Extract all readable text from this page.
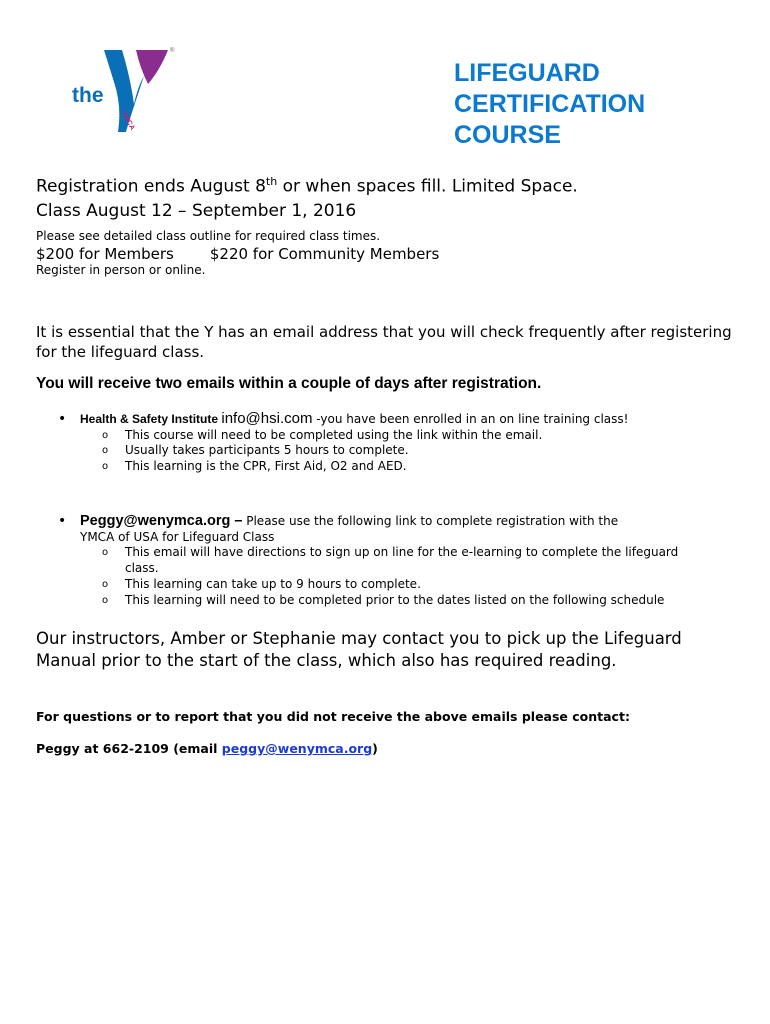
the
YMCA
®
LIFEGUARD
CERTIFICATION
COURSE
Registration ends August 8th or when spaces fill. Limited Space.
Class August 12 – September 1, 2016
Please see detailed class outline for required class times.
$200 for Members $220 for Community Members
Register in person or online.
It is essential that the Y has an email address that you will check frequently after registering for the lifeguard class.
You will receive two emails within a couple of days after registration.
• Health & Safety Institute info@hsi.com -you have been enrolled in an on line training class!
o	This course will need to be completed using the link within the email.
o	Usually takes participants 5 hours to complete.
o	This learning is the CPR, First Aid, O2 and AED.
• Peggy@wenymca.org – Please use the following link to complete registration with the
YMCA of USA for Lifeguard Class
o	This email will have directions to sign up on line for the e-learning to complete the lifeguard class.
o	This learning can take up to 9 hours to complete.
o	This learning will need to be completed prior to the dates listed on the following schedule
Our instructors, Amber or Stephanie may contact you to pick up the Lifeguard Manual prior to the start of the class, which also has required reading.
For questions or to report that you did not receive the above emails please contact:
Peggy at 662-2109 (email peggy@wenymca.org)
